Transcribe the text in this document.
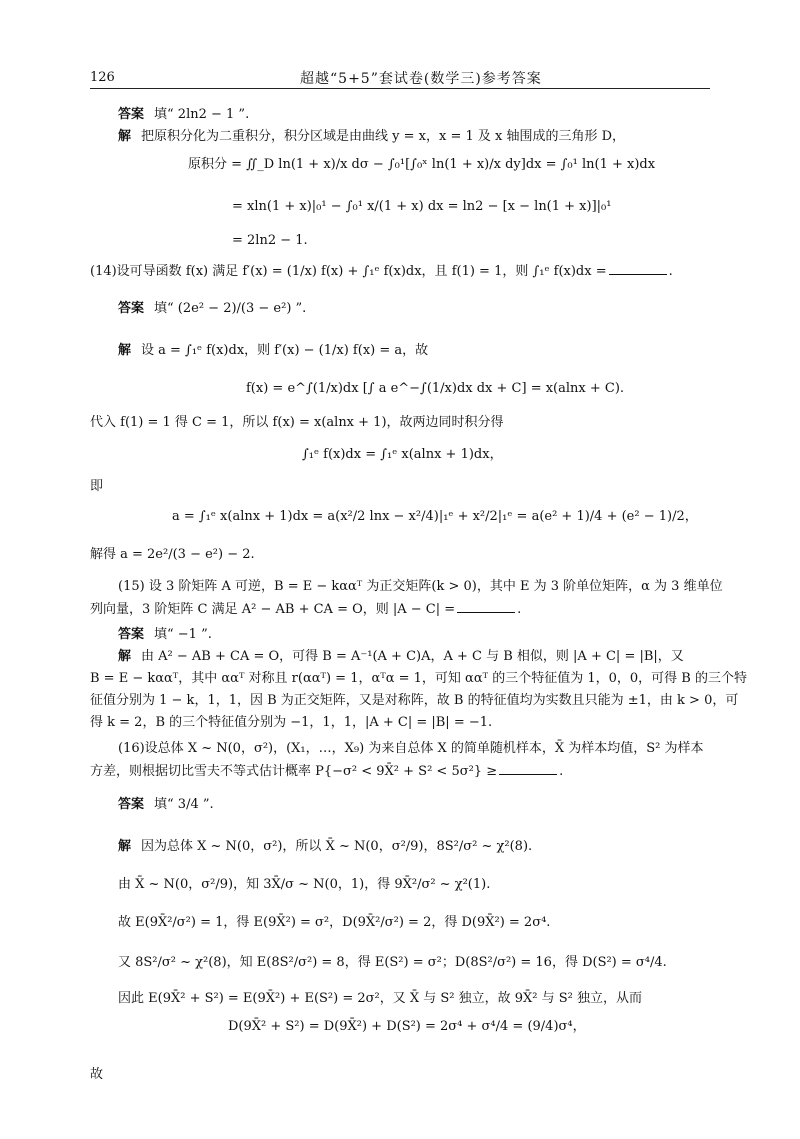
126	超越“5+5”套试卷(数学三)参考答案
答案 填“ 2ln2 − 1 ”.
解 把原积分化为二重积分，积分区域是由曲线 y = x，x = 1 及 x 轴围成的三角形 D，
原积分 = ∬_D ln(1 + x)/x dσ − ∫₀¹[∫₀ˣ ln(1 + x)/x dy]dx = ∫₀¹ ln(1 + x)dx
= xln(1 + x)|₀¹ − ∫₀¹ x/(1 + x) dx = ln2 − [x − ln(1 + x)]|₀¹
= 2ln2 − 1.
(14)设可导函数 f(x) 满足 f′(x) = (1/x) f(x) + ∫₁ᵉ f(x)dx，且 f(1) = 1，则 ∫₁ᵉ f(x)dx =	.
答案 填“ (2e² − 2)/(3 − e²) ”.
解 设 a = ∫₁ᵉ f(x)dx，则 f′(x) − (1/x) f(x) = a，故
f(x) = e^∫(1/x)dx [∫ a e^−∫(1/x)dx dx + C] = x(alnx + C).
代入 f(1) = 1 得 C = 1，所以 f(x) = x(alnx + 1)，故两边同时积分得
∫₁ᵉ f(x)dx = ∫₁ᵉ x(alnx + 1)dx，
即
a = ∫₁ᵉ x(alnx + 1)dx = a(x²/2 lnx − x²/4)|₁ᵉ + x²/2|₁ᵉ = a(e² + 1)/4 + (e² − 1)/2，
解得 a = 2e²/(3 − e²) − 2.
(15) 设 3 阶矩阵 A 可逆，B = E − kααᵀ 为正交矩阵(k > 0)，其中 E 为 3 阶单位矩阵，α 为 3 维单位
列向量，3 阶矩阵 C 满足 A² − AB + CA = O，则 |A − C| =	.
答案 填“ −1 ”.
解 由 A² − AB + CA = O，可得 B = A⁻¹(A + C)A，A + C 与 B 相似，则 |A + C| = |B|，又
B = E − kααᵀ，其中 ααᵀ 对称且 r(ααᵀ) = 1，αᵀα = 1，可知 ααᵀ 的三个特征值为 1，0，0，可得 B 的三个特
征值分别为 1 − k，1，1，因 B 为正交矩阵，又是对称阵，故 B 的特征值均为实数且只能为 ±1，由 k > 0，可
得 k = 2，B 的三个特征值分别为 −1，1，1，|A + C| = |B| = −1.
(16)设总体 X ~ N(0，σ²)，(X₁，…，X₉) 为来自总体 X 的简单随机样本，X̄ 为样本均值，S² 为样本
方差，则根据切比雪夫不等式估计概率 P{−σ² < 9X̄² + S² < 5σ²} ≥	.
答案 填“ 3/4 ”.
解 因为总体 X ~ N(0，σ²)，所以 X̄ ~ N(0，σ²/9)，8S²/σ² ~ χ²(8).
由 X̄ ~ N(0，σ²/9)，知 3X̄/σ ~ N(0，1)，得 9X̄²/σ² ~ χ²(1).
故 E(9X̄²/σ²) = 1，得 E(9X̄²) = σ²，D(9X̄²/σ²) = 2，得 D(9X̄²) = 2σ⁴.
又 8S²/σ² ~ χ²(8)，知 E(8S²/σ²) = 8，得 E(S²) = σ²；D(8S²/σ²) = 16，得 D(S²) = σ⁴/4.
因此 E(9X̄² + S²) = E(9X̄²) + E(S²) = 2σ²，又 X̄ 与 S² 独立，故 9X̄² 与 S² 独立，从而
D(9X̄² + S²) = D(9X̄²) + D(S²) = 2σ⁴ + σ⁴/4 = (9/4)σ⁴，
故
